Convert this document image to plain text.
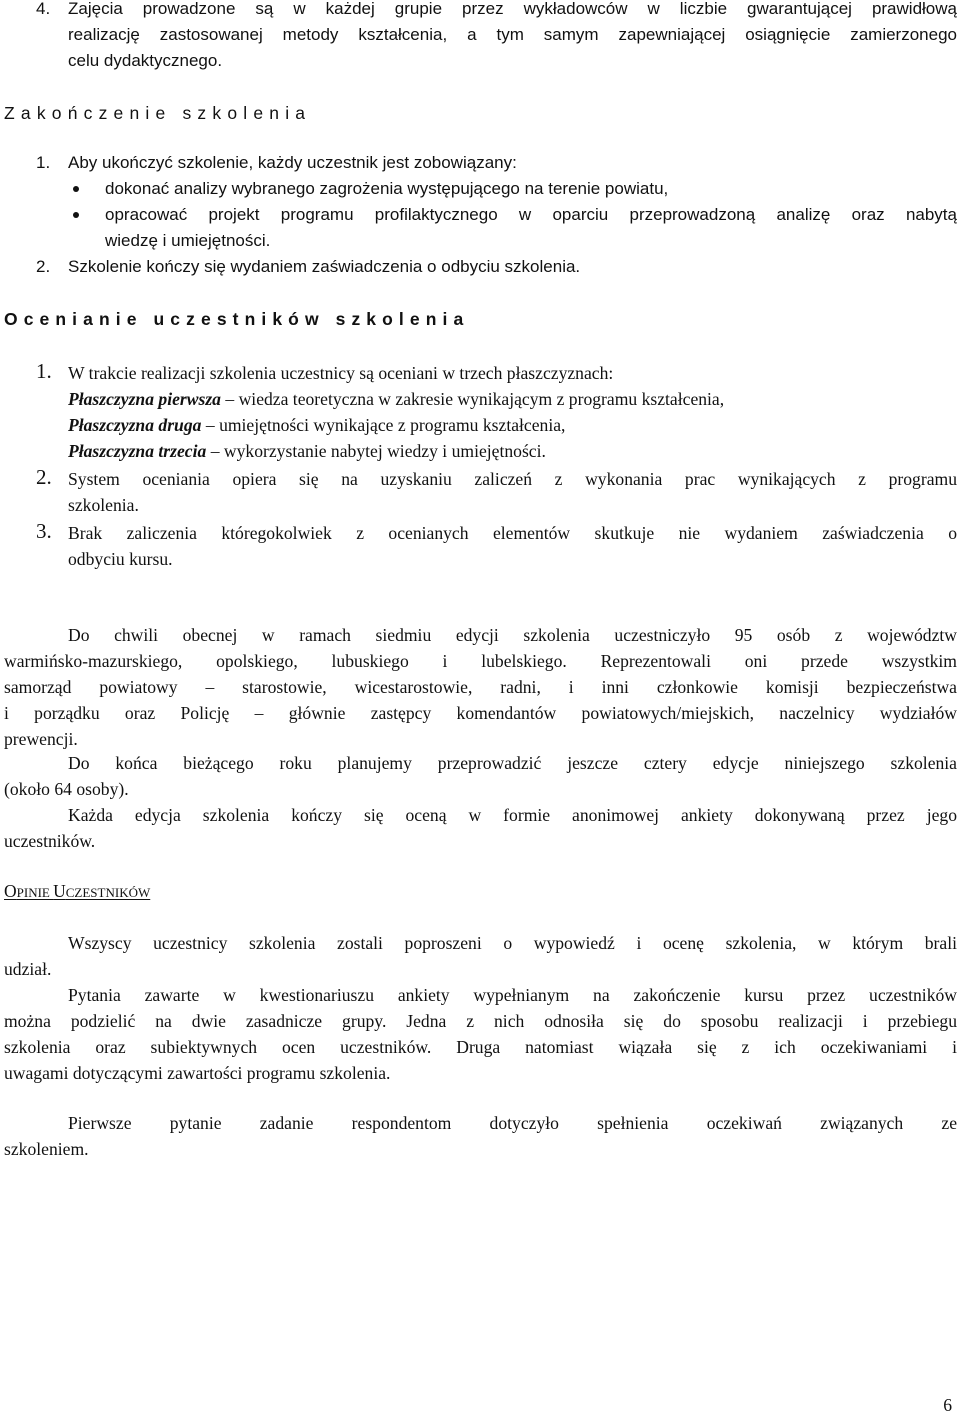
4. Zajęcia prowadzone są w każdej grupie przez wykładowców w liczbie gwarantującej prawidłową
realizację zastosowanej metody kształcenia, a tym samym zapewniającej osiągnięcie zamierzonego
celu dydaktycznego.
Zakończenie szkolenia
1. Aby ukończyć szkolenie, każdy uczestnik jest zobowiązany:
dokonać analizy wybranego zagrożenia występującego na terenie powiatu,
opracować projekt programu profilaktycznego w oparciu przeprowadzoną analizę oraz nabytą
wiedzę i umiejętności.
2. Szkolenie kończy się wydaniem zaświadczenia o odbyciu szkolenia.
Ocenianie uczestników szkolenia
1. W trakcie realizacji szkolenia uczestnicy są oceniani w trzech płaszczyznach:
Płaszczyzna pierwsza – wiedza teoretyczna w zakresie wynikającym z programu kształcenia,
Płaszczyzna druga – umiejętności wynikające z programu kształcenia,
Płaszczyzna trzecia – wykorzystanie nabytej wiedzy i umiejętności.
2. System oceniania opiera się na uzyskaniu zaliczeń z wykonania prac wynikających z programu
szkolenia.
3. Brak zaliczenia któregokolwiek z ocenianych elementów skutkuje nie wydaniem zaświadczenia o
odbyciu kursu.
Do chwili obecnej w ramach siedmiu edycji szkolenia uczestniczyło 95 osób z województw
warmińsko-mazurskiego, opolskiego, lubuskiego i lubelskiego. Reprezentowali oni przede wszystkim
samorząd powiatowy – starostowie, wicestarostowie, radni, i inni członkowie komisji bezpieczeństwa
i porządku oraz Policję – głównie zastępcy komendantów powiatowych/miejskich, naczelnicy wydziałów
prewencji.
Do końca bieżącego roku planujemy przeprowadzić jeszcze cztery edycje niniejszego szkolenia
(około 64 osoby).
Każda edycja szkolenia kończy się oceną w formie anonimowej ankiety dokonywaną przez jego
uczestników.
OPINIE UCZESTNIKÓW
Wszyscy uczestnicy szkolenia zostali poproszeni o wypowiedź i ocenę szkolenia, w którym brali
udział.
Pytania zawarte w kwestionariuszu ankiety wypełnianym na zakończenie kursu przez uczestników
można podzielić na dwie zasadnicze grupy. Jedna z nich odnosiła się do sposobu realizacji i przebiegu
szkolenia oraz subiektywnych ocen uczestników. Druga natomiast wiązała się z ich oczekiwaniami i
uwagami dotyczącymi zawartości programu szkolenia.
Pierwsze pytanie zadanie respondentom dotyczyło spełnienia oczekiwań związanych ze
szkoleniem.
6
